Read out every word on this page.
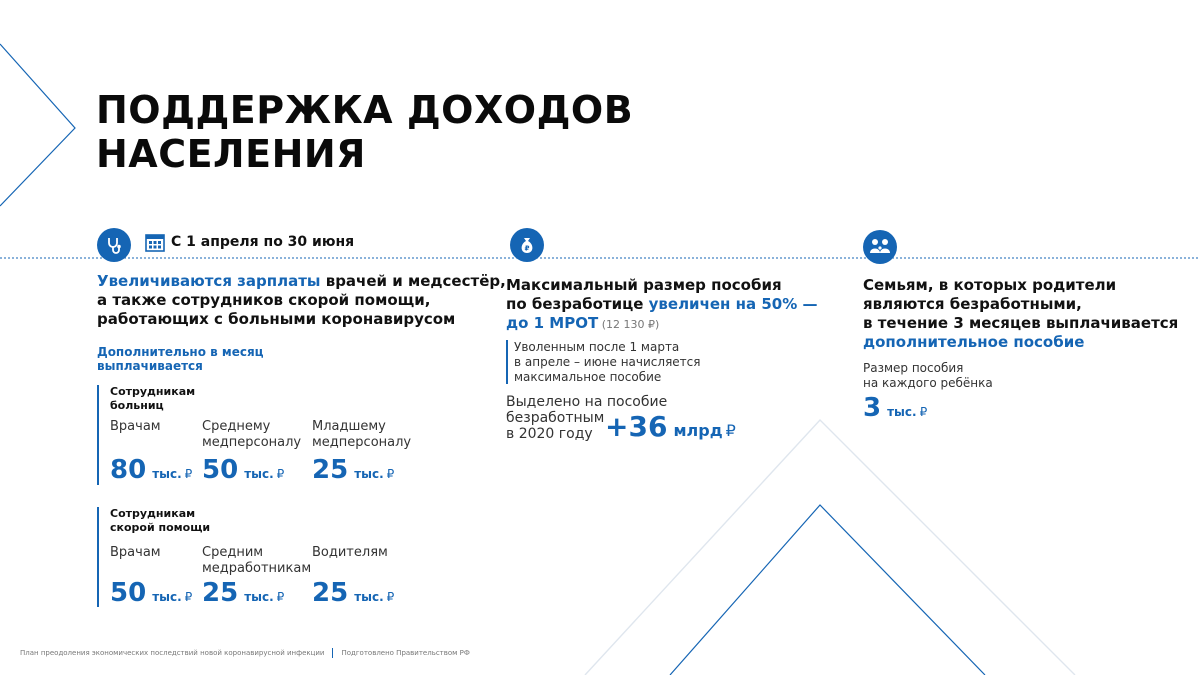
ПОДДЕРЖКА ДОХОДОВ
НАСЕЛЕНИЯ
С 1 апреля по 30 июня
Увеличиваются зарплаты врачей и медсестёр,
а также сотрудников скорой помощи,
работающих с больными коронавирусом
Дополнительно в месяц
выплачивается
Сотрудникам
больниц
Врачам	Среднему
медперсоналу
Младшему
медперсоналу
80 тыс. ₽ 50 тыс. ₽ 25 тыс. ₽
Сотрудникам
скорой помощи
Врачам	Средним
медработникам
Водителям
50 тыс. ₽ 25 тыс. ₽ 25 тыс. ₽
₽
Максимальный размер пособия
по безработице увеличен на 50% —
до 1 МРОТ (12 130 ₽)
Уволенным после 1 марта
в апреле – июне начисляется
максимальное пособие
Выделено на пособие
безработным
в 2020 году +36 млрд ₽
Семьям, в которых родители
являются безработными,
в течение 3 месяцев выплачивается
дополнительное пособие
Размер пособия
на каждого ребёнка
3 тыс. ₽
План преодоления экономических последствий новой коронавирусной инфекции Подготовлено Правительством РФ
